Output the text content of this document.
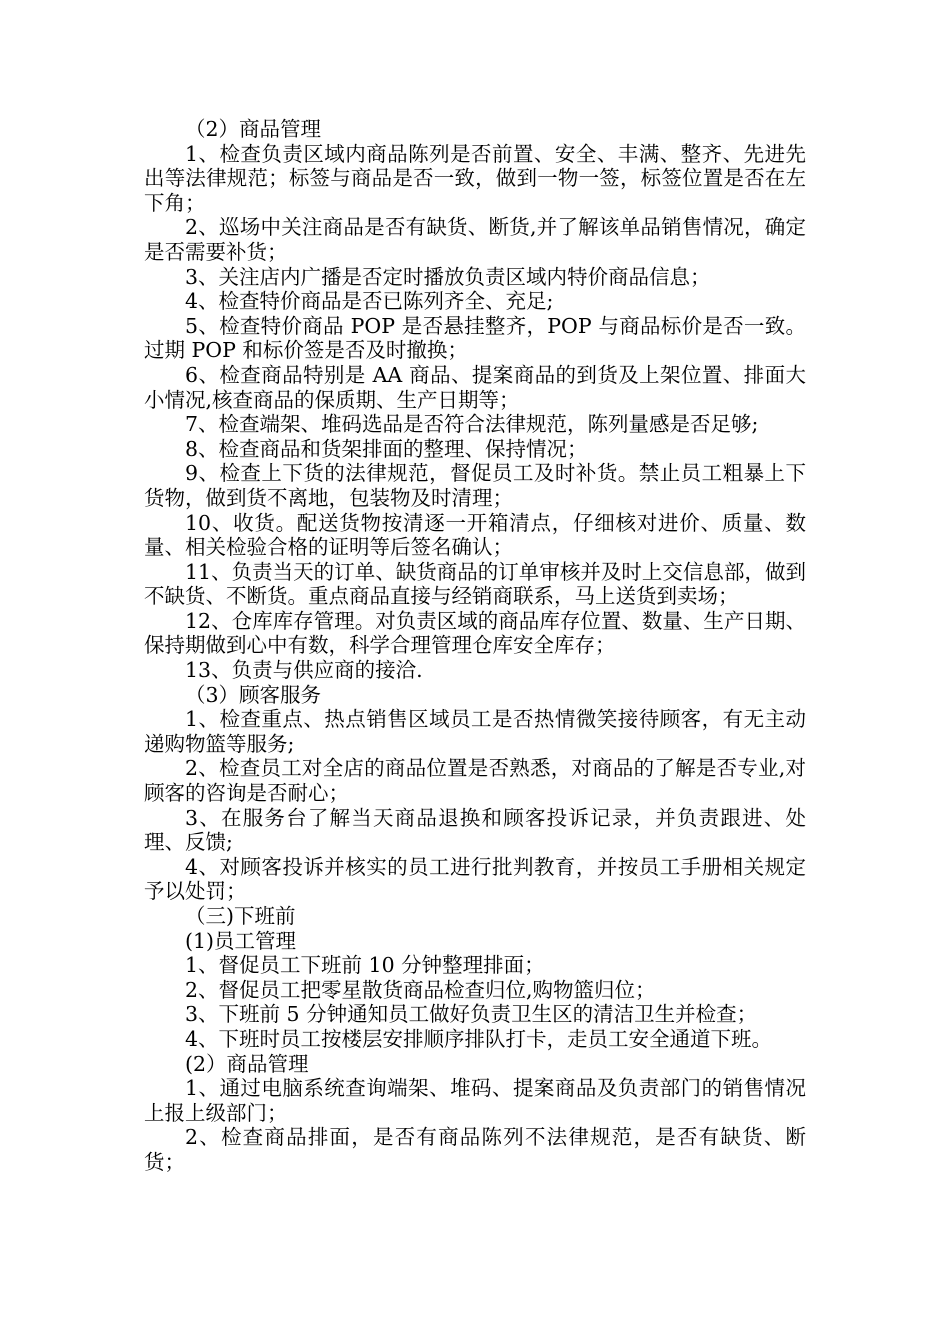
（2）商品管理

1、检查负责区域内商品陈列是否前置、安全、丰满、整齐、先进先出等法律规范；标签与商品是否一致，做到一物一签，标签位置是否在左下角；

2、巡场中关注商品是否有缺货、断货,并了解该单品销售情况，确定是否需要补货；

3、关注店内广播是否定时播放负责区域内特价商品信息；

4、检查特价商品是否已陈列齐全、充足;

5、检查特价商品 POP 是否悬挂整齐，POP 与商品标价是否一致。过期 POP 和标价签是否及时撤换；

6、检查商品特别是 AA 商品、提案商品的到货及上架位置、排面大小情况,核查商品的保质期、生产日期等；

7、检查端架、堆码选品是否符合法律规范，陈列量感是否足够;

8、检查商品和货架排面的整理、保持情况；

9、检查上下货的法律规范，督促员工及时补货。禁止员工粗暴上下货物，做到货不离地，包装物及时清理；

10、收货。配送货物按清逐一开箱清点，仔细核对进价、质量、数量、相关检验合格的证明等后签名确认；

11、负责当天的订单、缺货商品的订单审核并及时上交信息部，做到不缺货、不断货。重点商品直接与经销商联系，马上送货到卖场；

12、仓库库存管理。对负责区域的商品库存位置、数量、生产日期、保持期做到心中有数，科学合理管理仓库安全库存；

13、负责与供应商的接洽.

（3）顾客服务

1、检查重点、热点销售区域员工是否热情微笑接待顾客，有无主动递购物篮等服务;

2、检查员工对全店的商品位置是否熟悉，对商品的了解是否专业,对顾客的咨询是否耐心；

3、在服务台了解当天商品退换和顾客投诉记录，并负责跟进、处理、反馈;

4、对顾客投诉并核实的员工进行批判教育，并按员工手册相关规定予以处罚；

（三)下班前

(1)员工管理

1、督促员工下班前 10 分钟整理排面；

2、督促员工把零星散货商品检查归位,购物篮归位；

3、下班前 5 分钟通知员工做好负责卫生区的清洁卫生并检查；

4、下班时员工按楼层安排顺序排队打卡，走员工安全通道下班。

(2）商品管理

1、通过电脑系统查询端架、堆码、提案商品及负责部门的销售情况上报上级部门；

2、检查商品排面，是否有商品陈列不法律规范，是否有缺货、断货；
